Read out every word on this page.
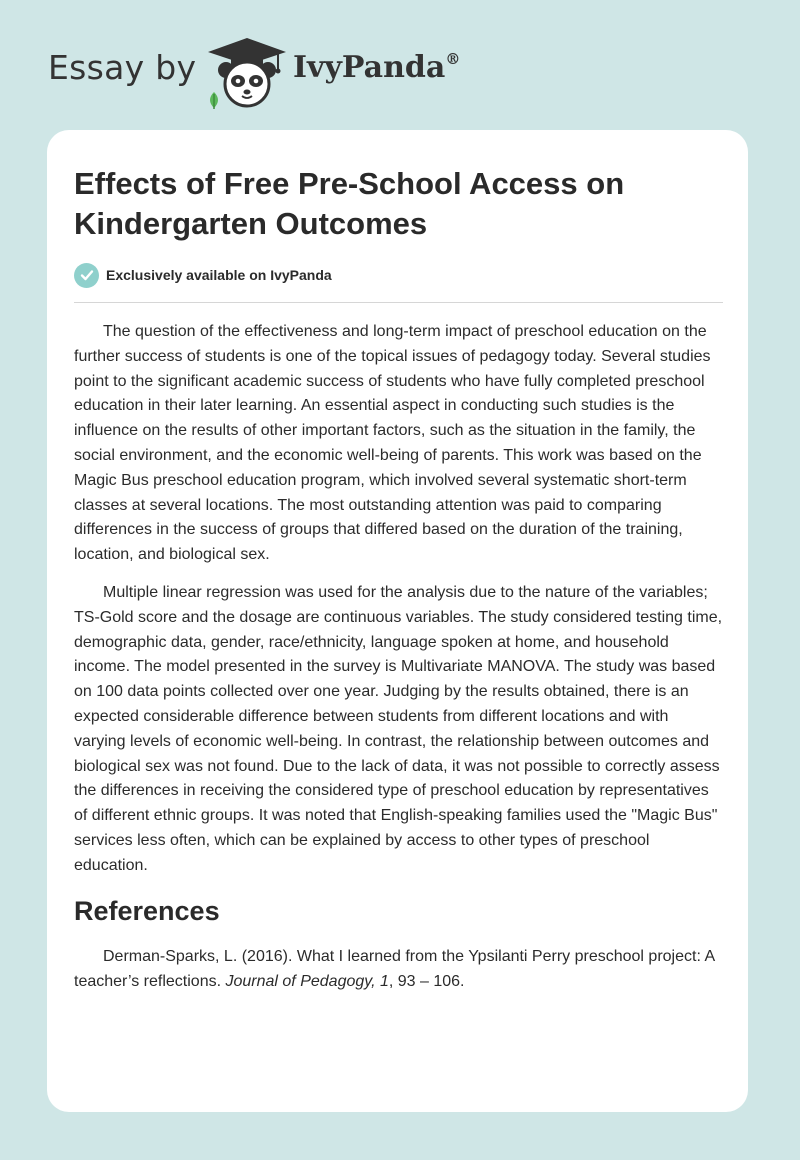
Essay by	IvyPanda®
Effects of Free Pre-School Access on Kindergarten Outcomes
Exclusively available on IvyPanda

The question of the effectiveness and long-term impact of preschool education on the further success of students is one of the topical issues of pedagogy today. Several studies point to the significant academic success of students who have fully completed preschool education in their later learning. An essential aspect in conducting such studies is the influence on the results of other important factors, such as the situation in the family, the social environment, and the economic well-being of parents. This work was based on the Magic Bus preschool education program, which involved several systematic short-term classes at several locations. The most outstanding attention was paid to comparing differences in the success of groups that differed based on the duration of the training, location, and biological sex.

Multiple linear regression was used for the analysis due to the nature of the variables; TS-Gold score and the dosage are continuous variables. The study considered testing time, demographic data, gender, race/ethnicity, language spoken at home, and household income. The model presented in the survey is Multivariate MANOVA. The study was based on 100 data points collected over one year. Judging by the results obtained, there is an expected considerable difference between students from different locations and with varying levels of economic well-being. In contrast, the relationship between outcomes and biological sex was not found. Due to the lack of data, it was not possible to correctly assess the differences in receiving the considered type of preschool education by representatives of different ethnic groups. It was noted that English-speaking families used the "Magic Bus" services less often, which can be explained by access to other types of preschool education.

References

Derman-Sparks, L. (2016). What I learned from the Ypsilanti Perry preschool project: A teacher’s reflections. Journal of Pedagogy, 1, 93 – 106.
